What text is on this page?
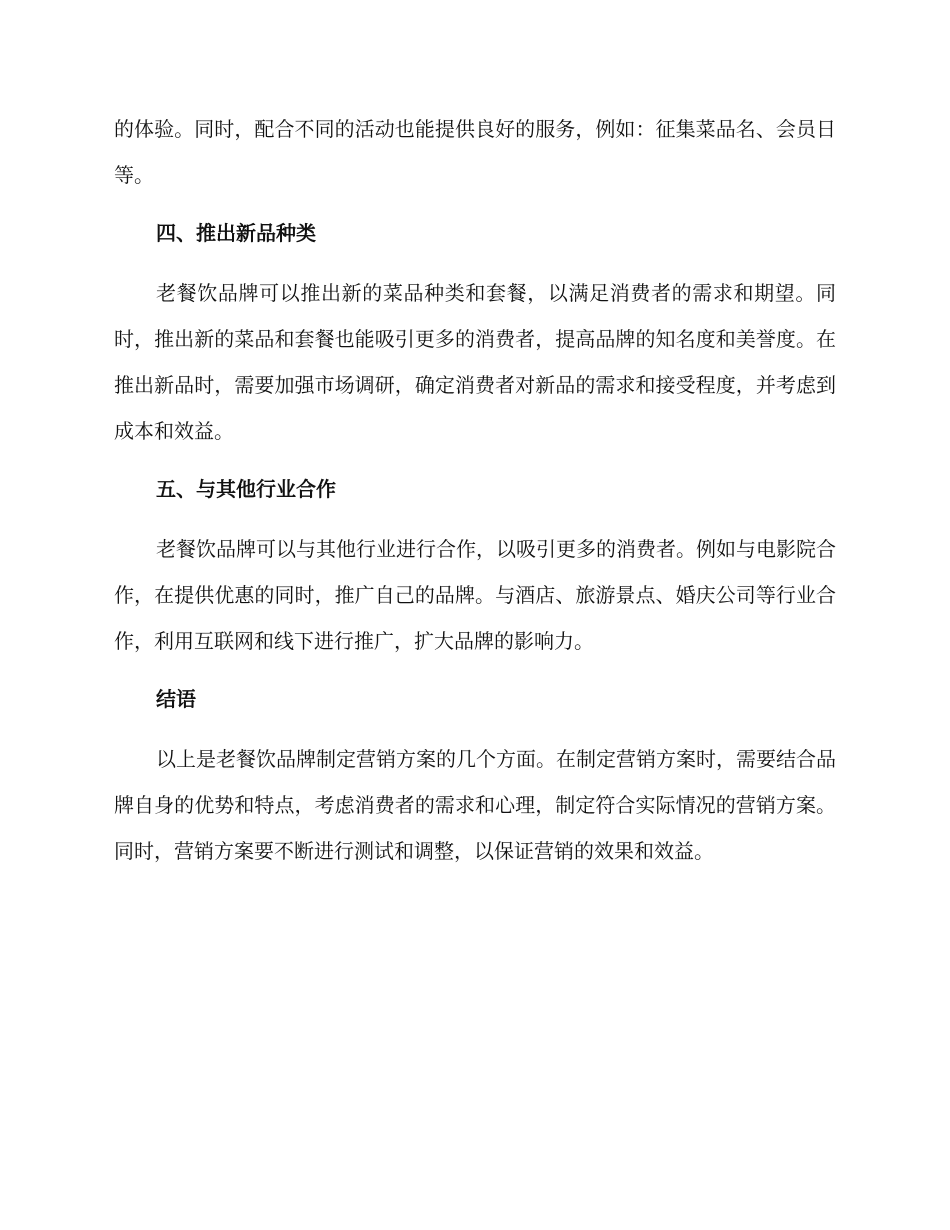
的体验。同时，配合不同的活动也能提供良好的服务，例如：征集菜品名、会员日等。

四、推出新品种类

老餐饮品牌可以推出新的菜品种类和套餐，以满足消费者的需求和期望。同时，推出新的菜品和套餐也能吸引更多的消费者，提高品牌的知名度和美誉度。在推出新品时，需要加强市场调研，确定消费者对新品的需求和接受程度，并考虑到成本和效益。

五、与其他行业合作

老餐饮品牌可以与其他行业进行合作，以吸引更多的消费者。例如与电影院合作，在提供优惠的同时，推广自己的品牌。与酒店、旅游景点、婚庆公司等行业合作，利用互联网和线下进行推广，扩大品牌的影响力。

结语

以上是老餐饮品牌制定营销方案的几个方面。在制定营销方案时，需要结合品牌自身的优势和特点，考虑消费者的需求和心理，制定符合实际情况的营销方案。同时，营销方案要不断进行测试和调整，以保证营销的效果和效益。
